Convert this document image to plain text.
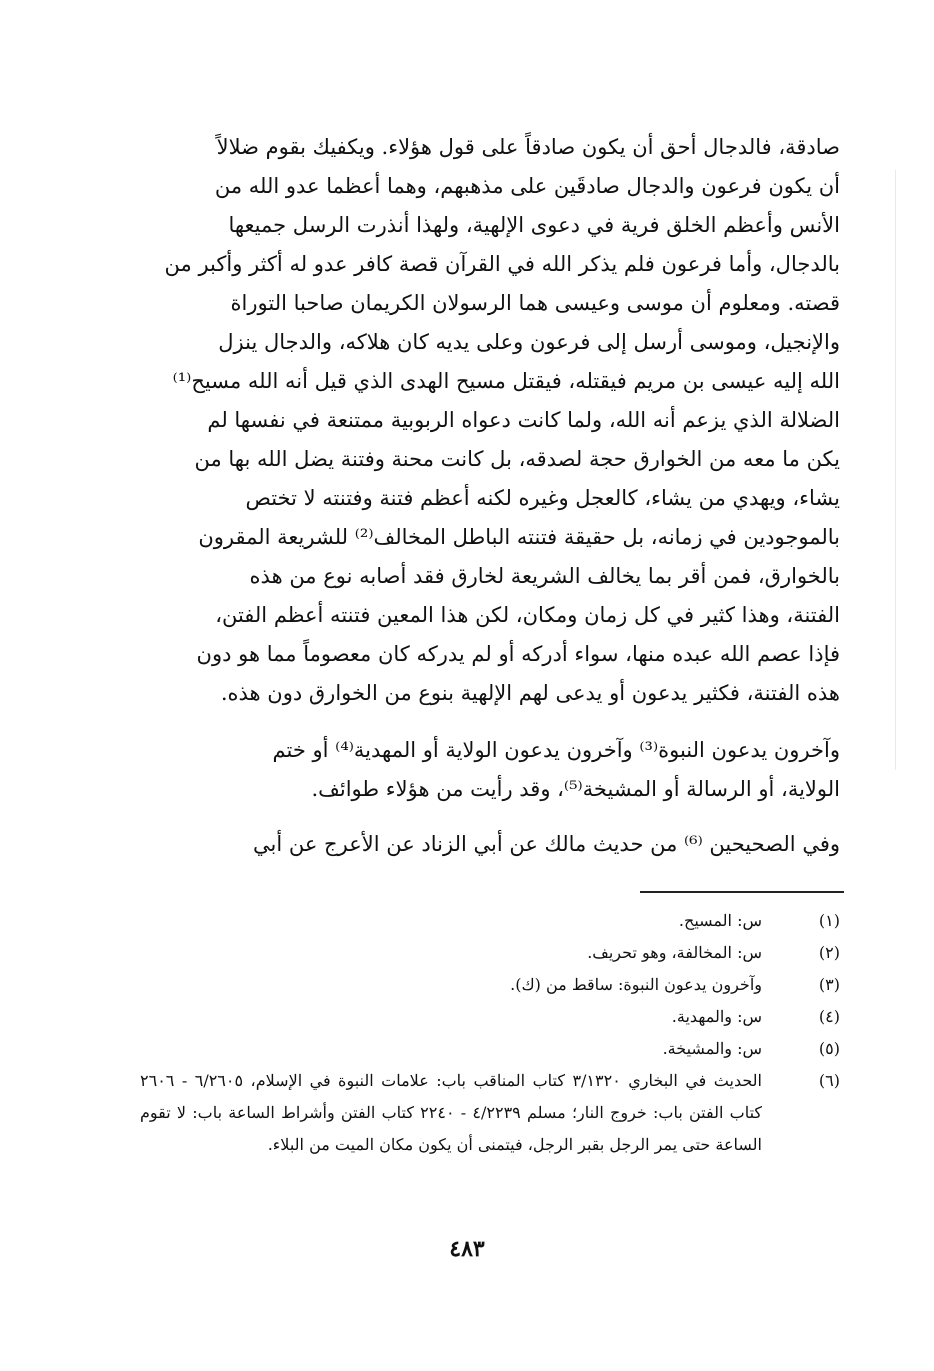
صادقة، فالدجال أحق أن يكون صادقاً على قول هؤلاء. ويكفيك بقوم ضلالاً

أن يكون فرعون والدجال صادقَين على مذهبهم، وهما أعظما عدو الله من

الأنس وأعظم الخلق فرية في دعوى الإلهية، ولهذا أنذرت الرسل جميعها

بالدجال، وأما فرعون فلم يذكر الله في القرآن قصة كافر عدو له أكثر وأكبر من

قصته. ومعلوم أن موسى وعيسى هما الرسولان الكريمان صاحبا التوراة

والإنجيل، وموسى أرسل إلى فرعون وعلى يديه كان هلاكه، والدجال ينزل

الله إليه عيسى بن مريم فيقتله، فيقتل مسيح الهدى الذي قيل أنه الله مسيح⁽¹⁾

الضلالة الذي يزعم أنه الله، ولما كانت دعواه الربوبية ممتنعة في نفسها لم

يكن ما معه من الخوارق حجة لصدقه، بل كانت محنة وفتنة يضل الله بها من

يشاء، ويهدي من يشاء، كالعجل وغيره لكنه أعظم فتنة وفتنته لا تختص

بالموجودين في زمانه، بل حقيقة فتنته الباطل المخالف⁽²⁾ للشريعة المقرون

بالخوارق، فمن أقر بما يخالف الشريعة لخارق فقد أصابه نوع من هذه

الفتنة، وهذا كثير في كل زمان ومكان، لكن هذا المعين فتنته أعظم الفتن،

فإذا عصم الله عبده منها، سواء أدركه أو لم يدركه كان معصوماً مما هو دون

هذه الفتنة، فكثير يدعون أو يدعى لهم الإلهية بنوع من الخوارق دون هذه.

وآخرون يدعون النبوة⁽³⁾ وآخرون يدعون الولاية أو المهدية⁽⁴⁾ أو ختم

الولاية، أو الرسالة أو المشيخة⁽⁵⁾، وقد رأيت من هؤلاء طوائف.

وفي الصحيحين ⁽⁶⁾ من حديث مالك عن أبي الزناد عن الأعرج عن أبي

(١)
س: المسيح.
(٢)
س: المخالفة، وهو تحريف.
(٣)
وآخرون يدعون النبوة: ساقط من (ك).
(٤)
س: والمهدية.
(٥)
س: والمشيخة.
(٦)
الحديث في البخاري ٣/١٣٢٠ كتاب المناقب باب: علامات النبوة في الإسلام، ٦/٢٦٠٥ - ٢٦٠٦ كتاب الفتن باب: خروج النار؛ مسلم ٤/٢٢٣٩ - ٢٢٤٠ كتاب الفتن وأشراط الساعة باب: لا تقوم الساعة حتى يمر الرجل بقبر الرجل، فيتمنى أن يكون مكان الميت من البلاء.
٤٨٣
